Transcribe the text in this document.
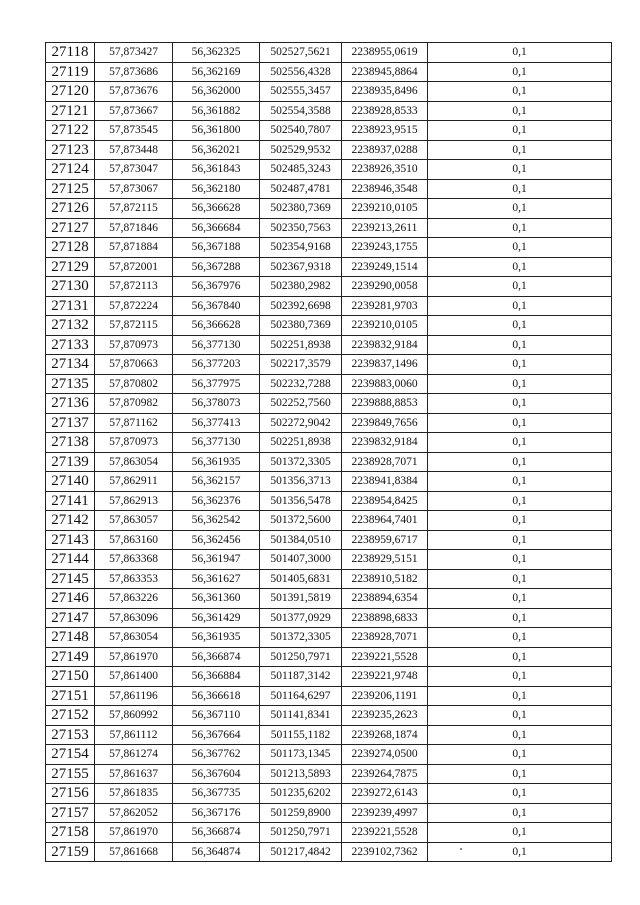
27118	57,873427	56,362325	502527,5621	2238955,0619	0,1
27119	57,873686	56,362169	502556,4328	2238945,8864	0,1
27120	57,873676	56,362000	502555,3457	2238935,8496	0,1
27121	57,873667	56,361882	502554,3588	2238928,8533	0,1
27122	57,873545	56,361800	502540,7807	2238923,9515	0,1
27123	57,873448	56,362021	502529,9532	2238937,0288	0,1
27124	57,873047	56,361843	502485,3243	2238926,3510	0,1
27125	57,873067	56,362180	502487,4781	2238946,3548	0,1
27126	57,872115	56,366628	502380,7369	2239210,0105	0,1
27127	57,871846	56,366684	502350,7563	2239213,2611	0,1
27128	57,871884	56,367188	502354,9168	2239243,1755	0,1
27129	57,872001	56,367288	502367,9318	2239249,1514	0,1
27130	57,872113	56,367976	502380,2982	2239290,0058	0,1
27131	57,872224	56,367840	502392,6698	2239281,9703	0,1
27132	57,872115	56,366628	502380,7369	2239210,0105	0,1
27133	57,870973	56,377130	502251,8938	2239832,9184	0,1
27134	57,870663	56,377203	502217,3579	2239837,1496	0,1
27135	57,870802	56,377975	502232,7288	2239883,0060	0,1
27136	57,870982	56,378073	502252,7560	2239888,8853	0,1
27137	57,871162	56,377413	502272,9042	2239849,7656	0,1
27138	57,870973	56,377130	502251,8938	2239832,9184	0,1
27139	57,863054	56,361935	501372,3305	2238928,7071	0,1
27140	57,862911	56,362157	501356,3713	2238941,8384	0,1
27141	57,862913	56,362376	501356,5478	2238954,8425	0,1
27142	57,863057	56,362542	501372,5600	2238964,7401	0,1
27143	57,863160	56,362456	501384,0510	2238959,6717	0,1
27144	57,863368	56,361947	501407,3000	2238929,5151	0,1
27145	57,863353	56,361627	501405,6831	2238910,5182	0,1
27146	57,863226	56,361360	501391,5819	2238894,6354	0,1
27147	57,863096	56,361429	501377,0929	2238898,6833	0,1
27148	57,863054	56,361935	501372,3305	2238928,7071	0,1
27149	57,861970	56,366874	501250,7971	2239221,5528	0,1
27150	57,861400	56,366884	501187,3142	2239221,9748	0,1
27151	57,861196	56,366618	501164,6297	2239206,1191	0,1
27152	57,860992	56,367110	501141,8341	2239235,2623	0,1
27153	57,861112	56,367664	501155,1182	2239268,1874	0,1
27154	57,861274	56,367762	501173,1345	2239274,0500	0,1
27155	57,861637	56,367604	501213,5893	2239264,7875	0,1
27156	57,861835	56,367735	501235,6202	2239272,6143	0,1
27157	57,862052	56,367176	501259,8900	2239239,4997	0,1
27158	57,861970	56,366874	501250,7971	2239221,5528	0,1
27159	57,861668	56,364874	501217,4842	2239102,7362	0,1
